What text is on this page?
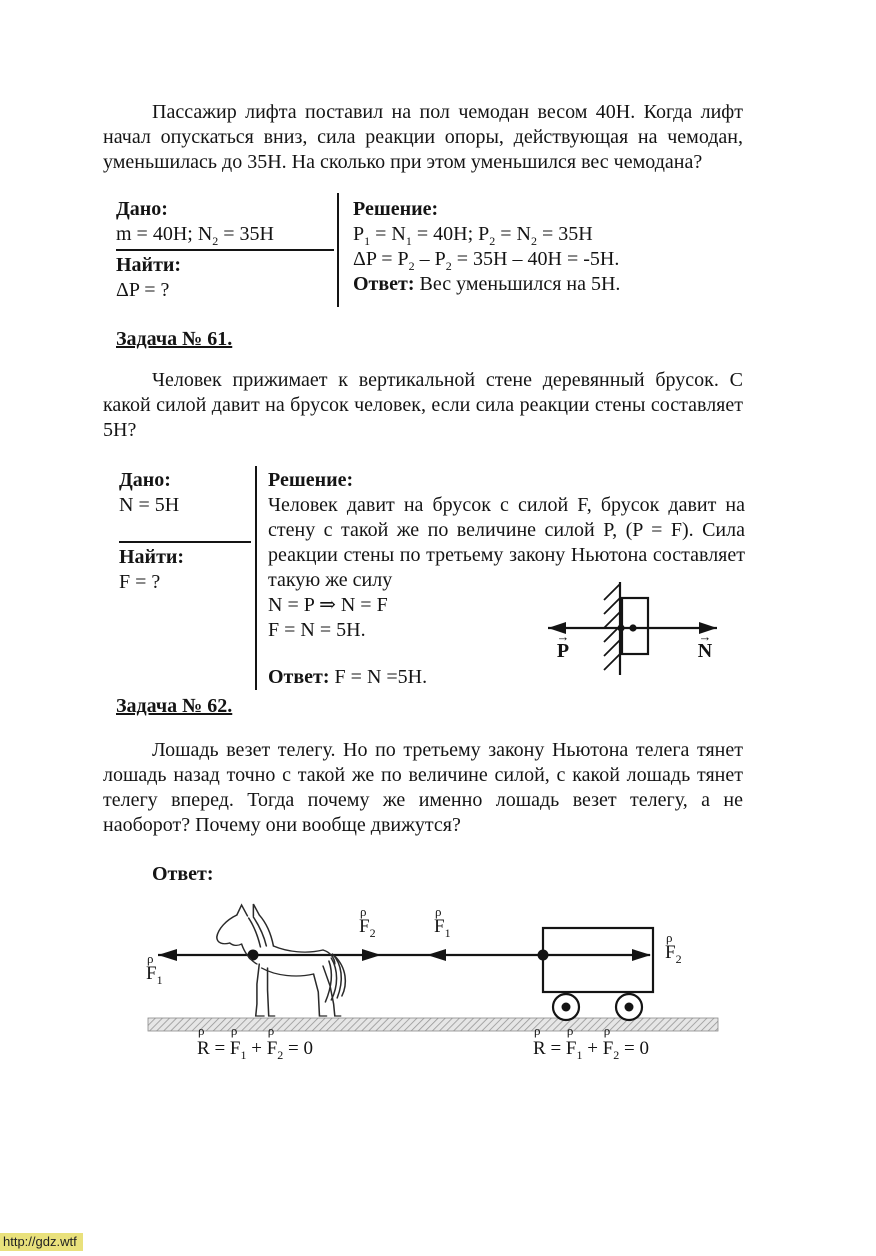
Пассажир лифта поставил на пол чемодан весом 40Н. Когда лифт начал опускаться вниз, сила реакции опоры, действующая на чемодан, уменьшилась до 35Н. На сколько при этом уменьшился вес чемодана?
Дано:
m = 40Н; $N_2 = 35Н$
Найти:
ΔP = ?
Решение:
$P_1 = N_1 = 40Н$; $P_2 = N_2 = 35Н$
$\Delta P = P_2 - P_2 = 35Н - 40Н = -5Н$.
Ответ: Вес уменьшился на 5Н.
Задача № 61.
Человек прижимает к вертикальной стене деревянный брусок. С какой силой давит на брусок человек, если сила реакции стены составляет 5Н?
Дано:
N = 5Н
Найти:
F = ?
Решение:
Человек давит на брусок с силой F, брусок давит на стену с такой же по величине силой P, (P = F). Сила реакции стены по третьему закону Ньютона составляет такую же силу
N = P ⇒ N = F
F = N = 5Н.
Ответ: F = N =5Н.
→
P
→
N
Задача № 62.
Лошадь везет телегу. Но по третьему закону Ньютона телега тянет лошадь назад точно с такой же по величине силой, с какой лошадь тянет телегу вперед. Тогда почему же именно лошадь везет телегу, а не наоборот? Почему они вообще движутся?
Ответ:
ρ
$F_1$
ρ
$F_2$
ρ
$F_1$	ρ
$F_2$
ρ
R =
ρ
$F_1$ +
ρ
$F_2 = 0$
ρ
R =
ρ
$F_1$ +
ρ
$F_2 = 0$
http://gdz.wtf
